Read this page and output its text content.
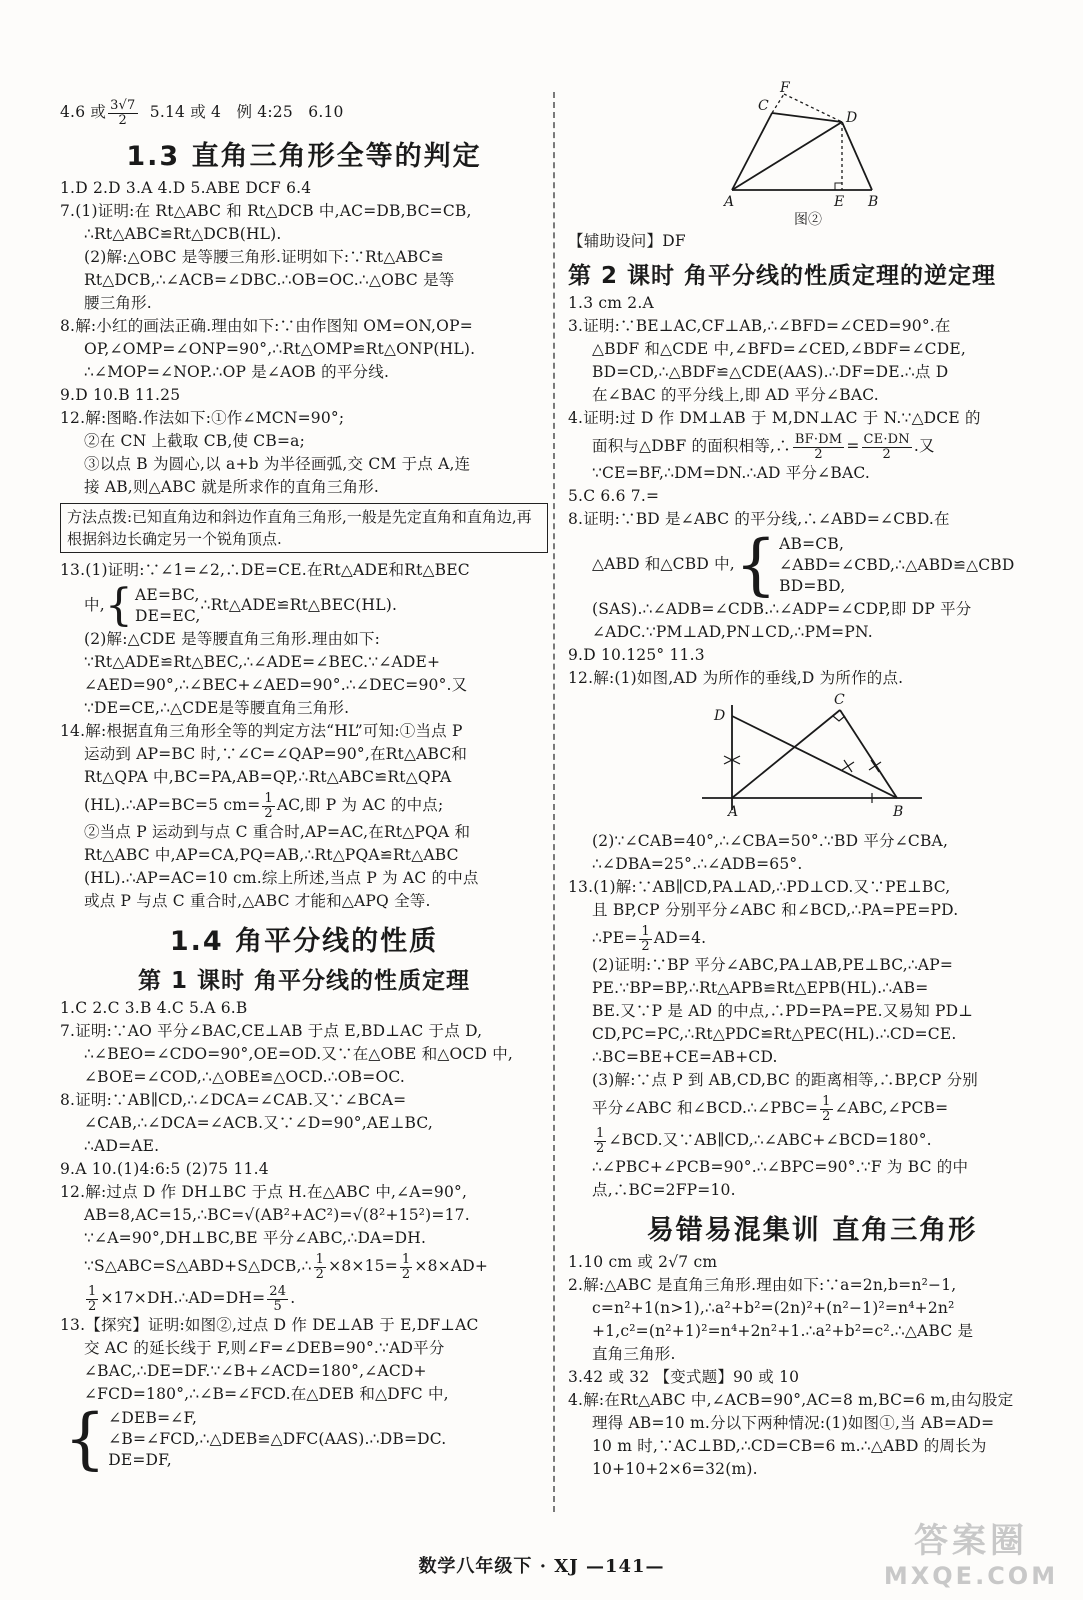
4.6 或 $\frac{3√7}{2} 5.14$ 或 4   例 4:25   6.10
1.3 直角三角形全等的判定
1.D 2.D 3.A 4.D 5.ABE DCF 6.4
7.(1)证明:在 Rt△ABC 和 Rt△DCB 中,AC=DB,BC=CB,
∴Rt△ABC≌Rt△DCB(HL).
(2)解:△OBC 是等腰三角形.证明如下:∵Rt△ABC≌
Rt△DCB,∴∠ACB=∠DBC.∴OB=OC.∴△OBC 是等
腰三角形.
8.解:小红的画法正确.理由如下:∵由作图知 OM=ON,OP=
OP,∠OMP=∠ONP=90°,∴Rt△OMP≌Rt△ONP(HL).
∴∠MOP=∠NOP.∴OP 是∠AOB 的平分线.
9.D 10.B 11.25
12.解:图略.作法如下:①作∠MCN=90°;
②在 CN 上截取 CB,使 CB=a;
③以点 B 为圆心,以 a+b 为半径画弧,交 CM 于点 A,连
接 AB,则△ABC 就是所求作的直角三角形.
方法点拨:已知直角边和斜边作直角三角形,一般是先定直角和直角边,再根据斜边长确定另一个锐角顶点.
13.(1)证明:∵∠1=∠2,∴DE=CE.在Rt△ADE和Rt△BEC
中, { AE=BC,
DE=EC,
∴Rt△ADE≌Rt△BEC(HL).
(2)解:△CDE 是等腰直角三角形.理由如下:
∵Rt△ADE≌Rt△BEC,∴∠ADE=∠BEC.∵∠ADE+
∠AED=90°,∴∠BEC+∠AED=90°.∴∠DEC=90°.又
∵DE=CE,∴△CDE是等腰直角三角形.
14.解:根据直角三角形全等的判定方法“HL”可知:①当点 P
运动到 AP=BC 时,∵∠C=∠QAP=90°,在Rt△ABC和
Rt△QPA 中,BC=PA,AB=QP,∴Rt△ABC≌Rt△QPA
(HL).∴AP=BC=5 $cm= \frac{1}{2}$ AC,即 P 为 AC 的中点;
②当点 P 运动到与点 C 重合时,AP=AC,在Rt△PQA 和
Rt△ABC 中,AP=CA,PQ=AB,∴Rt△PQA≌Rt△ABC
(HL).∴AP=AC=10 cm.综上所述,当点 P 为 AC 的中点
或点 P 与点 C 重合时,△ABC 才能和△APQ 全等.
1.4 角平分线的性质
第 1 课时 角平分线的性质定理
1.C 2.C 3.B 4.C 5.A 6.B
7.证明:∵AO 平分∠BAC,CE⊥AB 于点 E,BD⊥AC 于点 D,
∴∠BEO=∠CDO=90°,OE=OD.又∵在△OBE 和△OCD 中,
∠BOE=∠COD,∴△OBE≌△OCD.∴OB=OC.
8.证明:∵AB∥CD,∴∠DCA=∠CAB.又∵∠BCA=
∠CAB,∴∠DCA=∠ACB.又∵∠D=90°,AE⊥BC,
∴AD=AE.
9.A 10.(1)4:6:5 (2)75 11.4
12.解:过点 D 作 DH⊥BC 于点 H.在△ABC 中,∠A=90°,
AB=8,AC=15,∴BC=√(AB²+AC²)=√(8²+15²)=17.
∵∠A=90°,DH⊥BC,BE 平分∠ABC,∴DA=DH.
∵S△ABC=S△ABD+S△DCB,∴ $\frac{1}{2} \times 8\times 15= \frac{1}{2} \times 8\times AD+$
$\frac{1}{2}$ ×17×DH.∴AD=DH= $\frac{24}{5}$ .
13.【探究】证明:如图②,过点 D 作 DE⊥AB 于 E,DF⊥AC
交 AC 的延长线于 F,则∠F=∠DEB=90°.∵AD平分
∠BAC,∴DE=DF.∵∠B+∠ACD=180°,∠ACD+
∠FCD=180°,∴∠B=∠FCD.在△DEB 和△DFC 中,
{ ∠DEB=∠F,
∠B=∠FCD,∴△DEB≌△DFC(AAS).∴DB=DC.
DE=DF,
F
C
D
A	E B
图②
【辅助设问】DF
第 2 课时 角平分线的性质定理的逆定理
1.3 cm 2.A
3.证明:∵BE⊥AC,CF⊥AB,∴∠BFD=∠CED=90°.在
△BDF 和△CDE 中,∠BFD=∠CED,∠BDF=∠CDE,
BD=CD,∴△BDF≌△CDE(AAS).∴DF=DE.∴点 D
在∠BAC 的平分线上,即 AD 平分∠BAC.
4.证明:过 D 作 DM⊥AB 于 M,DN⊥AC 于 N.∵△DCE 的
面积与△DBF 的面积相等,∴ $\frac{BF\cdot DM}{2} = \frac{CE\cdot DN}{2}$ .又
∵CE=BF,∴DM=DN.∴AD 平分∠BAC.
5.C 6.6 7.=
8.证明:∵BD 是∠ABC 的平分线,∴∠ABD=∠CBD.在
△ABD 和△CBD 中, { AB=CB,
∠ABD=∠CBD,∴△ABD≌△CBD
BD=BD,
(SAS).∴∠ADB=∠CDB.∴∠ADP=∠CDP,即 DP 平分
∠ADC.∵PM⊥AD,PN⊥CD,∴PM=PN.
9.D 10.125° 11.3
12.解:(1)如图,AD 为所作的垂线,D 为所作的点.
C
D
A	B
(2)∵∠CAB=40°,∴∠CBA=50°.∵BD 平分∠CBA,
∴∠DBA=25°.∴∠ADB=65°.
13.(1)解:∵AB∥CD,PA⊥AD,∴PD⊥CD.又∵PE⊥BC,
且 BP,CP 分别平分∠ABC 和∠BCD,∴PA=PE=PD.
∴PE= $\frac{1}{2} AD=4$.
(2)证明:∵BP 平分∠ABC,PA⊥AB,PE⊥BC,∴AP=
PE.∵BP=BP,∴Rt△APB≌Rt△EPB(HL).∴AB=
BE.又∵P 是 AD 的中点,∴PD=PA=PE.又易知 PD⊥
CD,PC=PC,∴Rt△PDC≌Rt△PEC(HL).∴CD=CE.
∴BC=BE+CE=AB+CD.
(3)解:∵点 P 到 AB,CD,BC 的距离相等,∴BP,CP 分别
平分∠ABC 和∠BCD.∴∠PBC= $\frac{1}{2}$ ∠ABC,∠PCB=
$\frac{1}{2}$ ∠BCD.又∵AB∥CD,∴∠ABC+∠BCD=180°.
∴∠PBC+∠PCB=90°.∴∠BPC=90°.∵F 为 BC 的中
点,∴BC=2FP=10.
易错易混集训 直角三角形
1.10 cm 或 2√7 cm
2.解:△ABC 是直角三角形.理由如下:∵a=2n,b=n²−1,
c=n²+1(n>1),∴a²+b²=(2n)²+(n²−1)²=n⁴+2n²
+1,c²=(n²+1)²=n⁴+2n²+1.∴a²+b²=c².∴△ABC 是
直角三角形.
3.42 或 32 【变式题】90 或 10
4.解:在Rt△ABC 中,∠ACB=90°,AC=8 m,BC=6 m,由勾股定
理得 AB=10 m.分以下两种情况:(1)如图①,当 AB=AD=
10 m 时,∵AC⊥BD,∴CD=CB=6 m.∴△ABD 的周长为
10+10+2×6=32(m).
数学八年级下 · XJ —141—
答案圈
MXQE.COM
